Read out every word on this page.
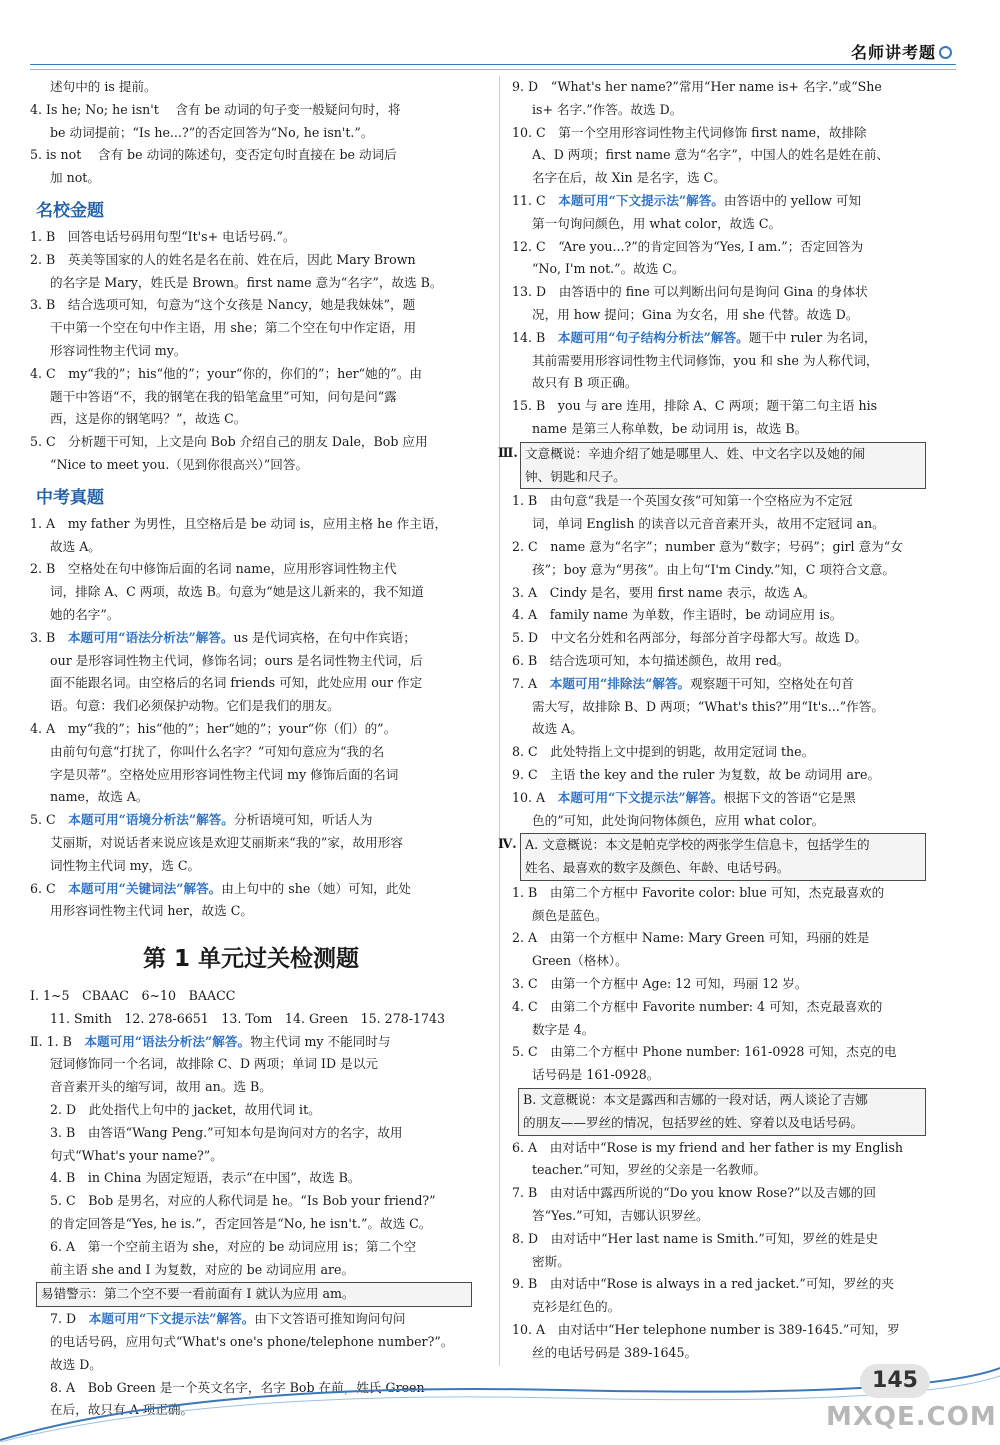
名师讲考题
述句中的 is 提前。
4. Is he; No; he isn't　 含有 be 动词的句子变一般疑问句时，将
be 动词提前；“Is he...?”的否定回答为“No, he isn't.”。
5. is not　 含有 be 动词的陈述句，变否定句时直接在 be 动词后
加 not。
名校金题
1. B　回答电话号码用句型“It's+ 电话号码.”。
2. B　英美等国家的人的姓名是名在前、姓在后，因此 Mary Brown
的名字是 Mary，姓氏是 Brown。first name 意为“名字”，故选 B。
3. B　结合选项可知，句意为“这个女孩是 Nancy，她是我妹妹”，题
干中第一个空在句中作主语，用 she；第二个空在句中作定语，用
形容词性物主代词 my。
4. C　my“我的”；his“他的”；your“你的，你们的”；her“她的”。由
题干中答语“不，我的钢笔在我的铅笔盒里”可知，问句是问“露
西，这是你的钢笔吗？”，故选 C。
5. C　分析题干可知，上文是向 Bob 介绍自己的朋友 Dale，Bob 应用
“Nice to meet you.（见到你很高兴）”回答。
中考真题
1. A　my father 为男性，且空格后是 be 动词 is，应用主格 he 作主语，
故选 A。
2. B　空格处在句中修饰后面的名词 name，应用形容词性物主代
词，排除 A、C 两项，故选 B。句意为“她是这儿新来的，我不知道
她的名字”。
3. B　本题可用“语法分析法”解答。us 是代词宾格，在句中作宾语；
our 是形容词性物主代词，修饰名词；ours 是名词性物主代词，后
面不能跟名词。由空格后的名词 friends 可知，此处应用 our 作定
语。句意：我们必须保护动物。它们是我们的朋友。
4. A　my“我的”；his“他的”；her“她的”；your“你（们）的”。
由前句句意“打扰了，你叫什么名字？”可知句意应为“我的名
字是贝蒂”。空格处应用形容词性物主代词 my 修饰后面的名词
name，故选 A。
5. C　本题可用“语境分析法”解答。分析语境可知，听话人为
艾丽斯，对说话者来说应该是欢迎艾丽斯来“我的”家，故用形容
词性物主代词 my，选 C。
6. C　本题可用“关键词法”解答。由上句中的 she（她）可知，此处
用形容词性物主代词 her，故选 C。
第 1 单元过关检测题
Ⅰ. 1~5　CBAAC　6~10　BAACC
11. Smith　12. 278-6651　13. Tom　14. Green　15. 278-1743
Ⅱ. 1. B　本题可用“语法分析法”解答。物主代词 my 不能同时与
冠词修饰同一个名词，故排除 C、D 两项；单词 ID 是以元
音音素开头的缩写词，故用 an。选 B。
2. D　此处指代上句中的 jacket，故用代词 it。
3. B　由答语“Wang Peng.”可知本句是询问对方的名字，故用
句式“What's your name?”。
4. B　in China 为固定短语，表示“在中国”，故选 B。
5. C　Bob 是男名，对应的人称代词是 he。“Is Bob your friend?”
的肯定回答是“Yes, he is.”，否定回答是“No, he isn't.”。故选 C。
6. A　第一个空前主语为 she，对应的 be 动词应用 is；第二个空
前主语 she and I 为复数，对应的 be 动词应用 are。
易错警示：第二个空不要一看前面有 I 就认为应用 am。
7. D　本题可用“下文提示法”解答。由下文答语可推知询问句问
的电话号码，应用句式“What's one's phone/telephone number?”。
故选 D。
8. A　Bob Green 是一个英文名字，名字 Bob 在前，姓氏 Green
在后，故只有 A 项正确。
9. D　“What's her name?”常用“Her name is+ 名字.”或“She
is+ 名字.”作答。故选 D。
10. C　第一个空用形容词性物主代词修饰 first name，故排除
A、D 两项；first name 意为“名字”，中国人的姓名是姓在前、
名字在后，故 Xin 是名字，选 C。
11. C　本题可用“下文提示法”解答。由答语中的 yellow 可知
第一句询问颜色，用 what color，故选 C。
12. C　“Are you...?”的肯定回答为“Yes, I am.”；否定回答为
“No, I'm not.”。故选 C。
13. D　由答语中的 fine 可以判断出问句是询问 Gina 的身体状
况，用 how 提问；Gina 为女名，用 she 代替。故选 D。
14. B　本题可用“句子结构分析法”解答。题干中 ruler 为名词，
其前需要用形容词性物主代词修饰，you 和 she 为人称代词，
故只有 B 项正确。
15. B　you 与 are 连用，排除 A、C 两项；题干第二句主语 his
name 是第三人称单数，be 动词用 is，故选 B。
Ⅲ. 文意概说：辛迪介绍了她是哪里人、姓、中文名字以及她的闹
钟、钥匙和尺子。
1. B　由句意“我是一个英国女孩”可知第一个空格应为不定冠
词，单词 English 的读音以元音音素开头，故用不定冠词 an。
2. C　name 意为“名字”；number 意为“数字；号码”；girl 意为“女
孩”；boy 意为“男孩”。由上句“I'm Cindy.”知，C 项符合文意。
3. A　Cindy 是名，要用 first name 表示，故选 A。
4. A　family name 为单数，作主语时，be 动词应用 is。
5. D　中文名分姓和名两部分，每部分首字母都大写。故选 D。
6. B　结合选项可知，本句描述颜色，故用 red。
7. A　本题可用“排除法”解答。观察题干可知，空格处在句首
需大写，故排除 B、D 两项；“What's this?”用“It's...”作答。
故选 A。
8. C　此处特指上文中提到的钥匙，故用定冠词 the。
9. C　主语 the key and the ruler 为复数，故 be 动词用 are。
10. A　本题可用“下文提示法”解答。根据下文的答语“它是黑
色的”可知，此处询问物体颜色，应用 what color。
Ⅳ. A. 文意概说：本文是帕克学校的两张学生信息卡，包括学生的
姓名、最喜欢的数字及颜色、年龄、电话号码。
1. B　由第二个方框中 Favorite color: blue 可知，杰克最喜欢的
颜色是蓝色。
2. A　由第一个方框中 Name: Mary Green 可知，玛丽的姓是
Green（格林）。
3. C　由第一个方框中 Age: 12 可知，玛丽 12 岁。
4. C　由第二个方框中 Favorite number: 4 可知，杰克最喜欢的
数字是 4。
5. C　由第二个方框中 Phone number: 161-0928 可知，杰克的电
话号码是 161-0928。
B. 文意概说：本文是露西和吉娜的一段对话，两人谈论了吉娜
的朋友——罗丝的情况，包括罗丝的姓、穿着以及电话号码。
6. A　由对话中“Rose is my friend and her father is my English
teacher.”可知，罗丝的父亲是一名教师。
7. B　由对话中露西所说的“Do you know Rose?”以及吉娜的回
答“Yes.”可知，吉娜认识罗丝。
8. D　由对话中“Her last name is Smith.”可知，罗丝的姓是史
密斯。
9. B　由对话中“Rose is always in a red jacket.”可知，罗丝的夹
克衫是红色的。
10. A　由对话中“Her telephone number is 389-1645.”可知，罗
丝的电话号码是 389-1645。
145
MXQE.COM
